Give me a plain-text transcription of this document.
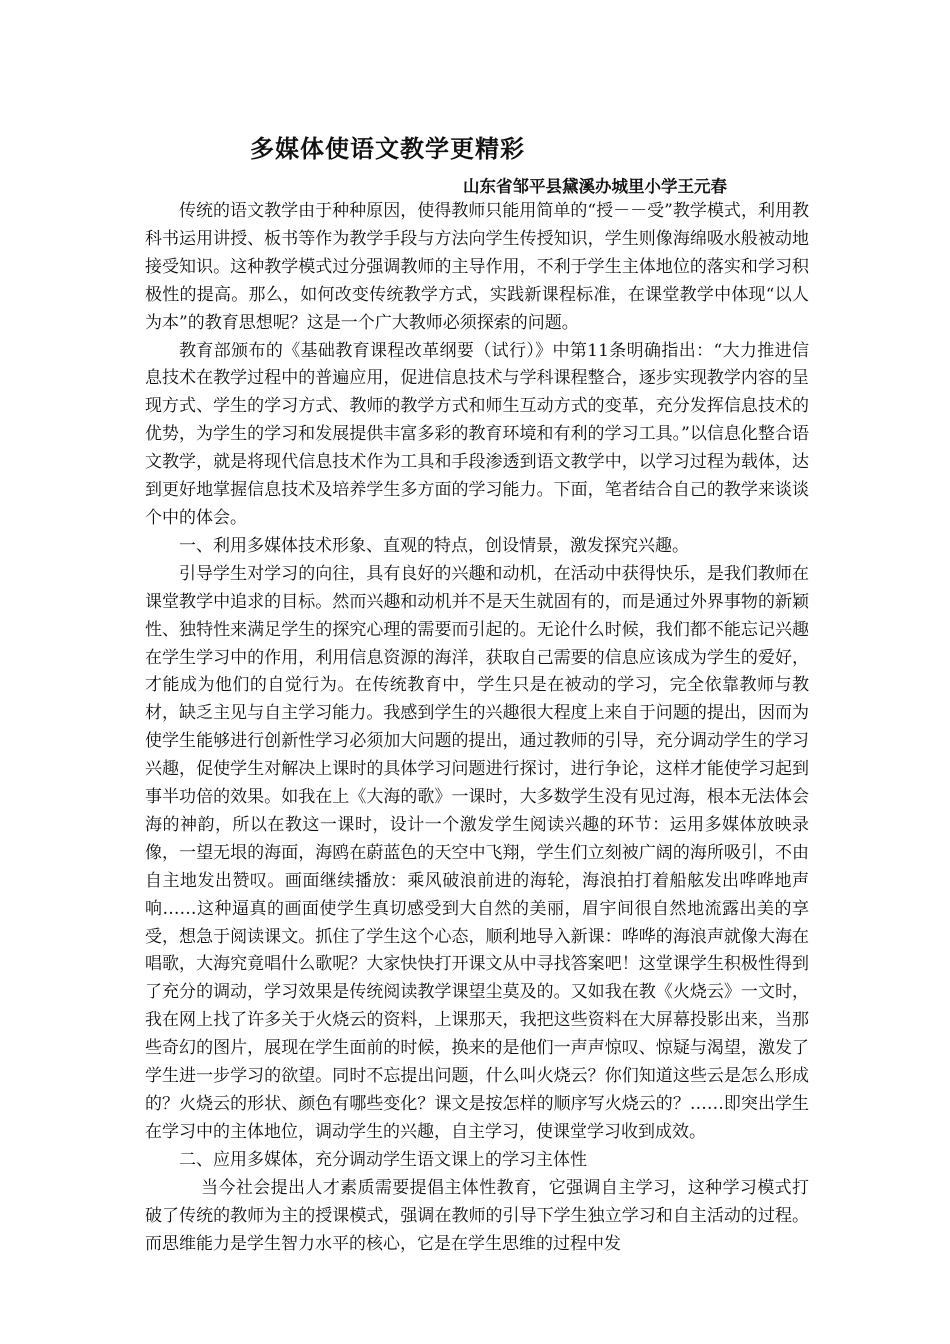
多媒体使语文教学更精彩

山东省邹平县黛溪办城里小学王元春

传统的语文教学由于种种原因，使得教师只能用简单的“授－－受”教学模式，利用教科书运用讲授、板书等作为教学手段与方法向学生传授知识，学生则像海绵吸水般被动地接受知识。这种教学模式过分强调教师的主导作用，不利于学生主体地位的落实和学习积极性的提高。那么，如何改变传统教学方式，实践新课程标准，在课堂教学中体现“以人为本”的教育思想呢？这是一个广大教师必须探索的问题。

教育部颁布的《基础教育课程改革纲要（试行）》中第11条明确指出：“大力推进信息技术在教学过程中的普遍应用，促进信息技术与学科课程整合，逐步实现教学内容的呈现方式、学生的学习方式、教师的教学方式和师生互动方式的变革，充分发挥信息技术的优势，为学生的学习和发展提供丰富多彩的教育环境和有利的学习工具。”以信息化整合语文教学，就是将现代信息技术作为工具和手段渗透到语文教学中，以学习过程为载体，达到更好地掌握信息技术及培养学生多方面的学习能力。下面，笔者结合自己的教学来谈谈个中的体会。

一、利用多媒体技术形象、直观的特点，创设情景，激发探究兴趣。

引导学生对学习的向往，具有良好的兴趣和动机，在活动中获得快乐，是我们教师在课堂教学中追求的目标。然而兴趣和动机并不是天生就固有的，而是通过外界事物的新颖性、独特性来满足学生的探究心理的需要而引起的。无论什么时候，我们都不能忘记兴趣在学生学习中的作用，利用信息资源的海洋，获取自己需要的信息应该成为学生的爱好，才能成为他们的自觉行为。在传统教育中，学生只是在被动的学习，完全依靠教师与教材，缺乏主见与自主学习能力。我感到学生的兴趣很大程度上来自于问题的提出，因而为使学生能够进行创新性学习必须加大问题的提出，通过教师的引导，充分调动学生的学习兴趣，促使学生对解决上课时的具体学习问题进行探讨，进行争论，这样才能使学习起到事半功倍的效果。如我在上《大海的歌》一课时，大多数学生没有见过海，根本无法体会海的神韵，所以在教这一课时，设计一个激发学生阅读兴趣的环节：运用多媒体放映录像，一望无垠的海面，海鸥在蔚蓝色的天空中飞翔，学生们立刻被广阔的海所吸引，不由自主地发出赞叹。画面继续播放：乘风破浪前进的海轮，海浪拍打着船舷发出哗哗地声响……这种逼真的画面使学生真切感受到大自然的美丽，眉宇间很自然地流露出美的享受，想急于阅读课文。抓住了学生这个心态，顺利地导入新课：哗哗的海浪声就像大海在唱歌，大海究竟唱什么歌呢？大家快快打开课文从中寻找答案吧！这堂课学生积极性得到了充分的调动，学习效果是传统阅读教学课望尘莫及的。又如我在教《火烧云》一文时，我在网上找了许多关于火烧云的资料，上课那天，我把这些资料在大屏幕投影出来，当那些奇幻的图片，展现在学生面前的时候，换来的是他们一声声惊叹、惊疑与渴望，激发了学生进一步学习的欲望。同时不忘提出问题，什么叫火烧云？你们知道这些云是怎么形成的？火烧云的形状、颜色有哪些变化？课文是按怎样的顺序写火烧云的？……即突出学生在学习中的主体地位，调动学生的兴趣，自主学习，使课堂学习收到成效。

二、应用多媒体，充分调动学生语文课上的学习主体性

当今社会提出人才素质需要提倡主体性教育，它强调自主学习，这种学习模式打破了传统的教师为主的授课模式，强调在教师的引导下学生独立学习和自主活动的过程。而思维能力是学生智力水平的核心，它是在学生思维的过程中发
